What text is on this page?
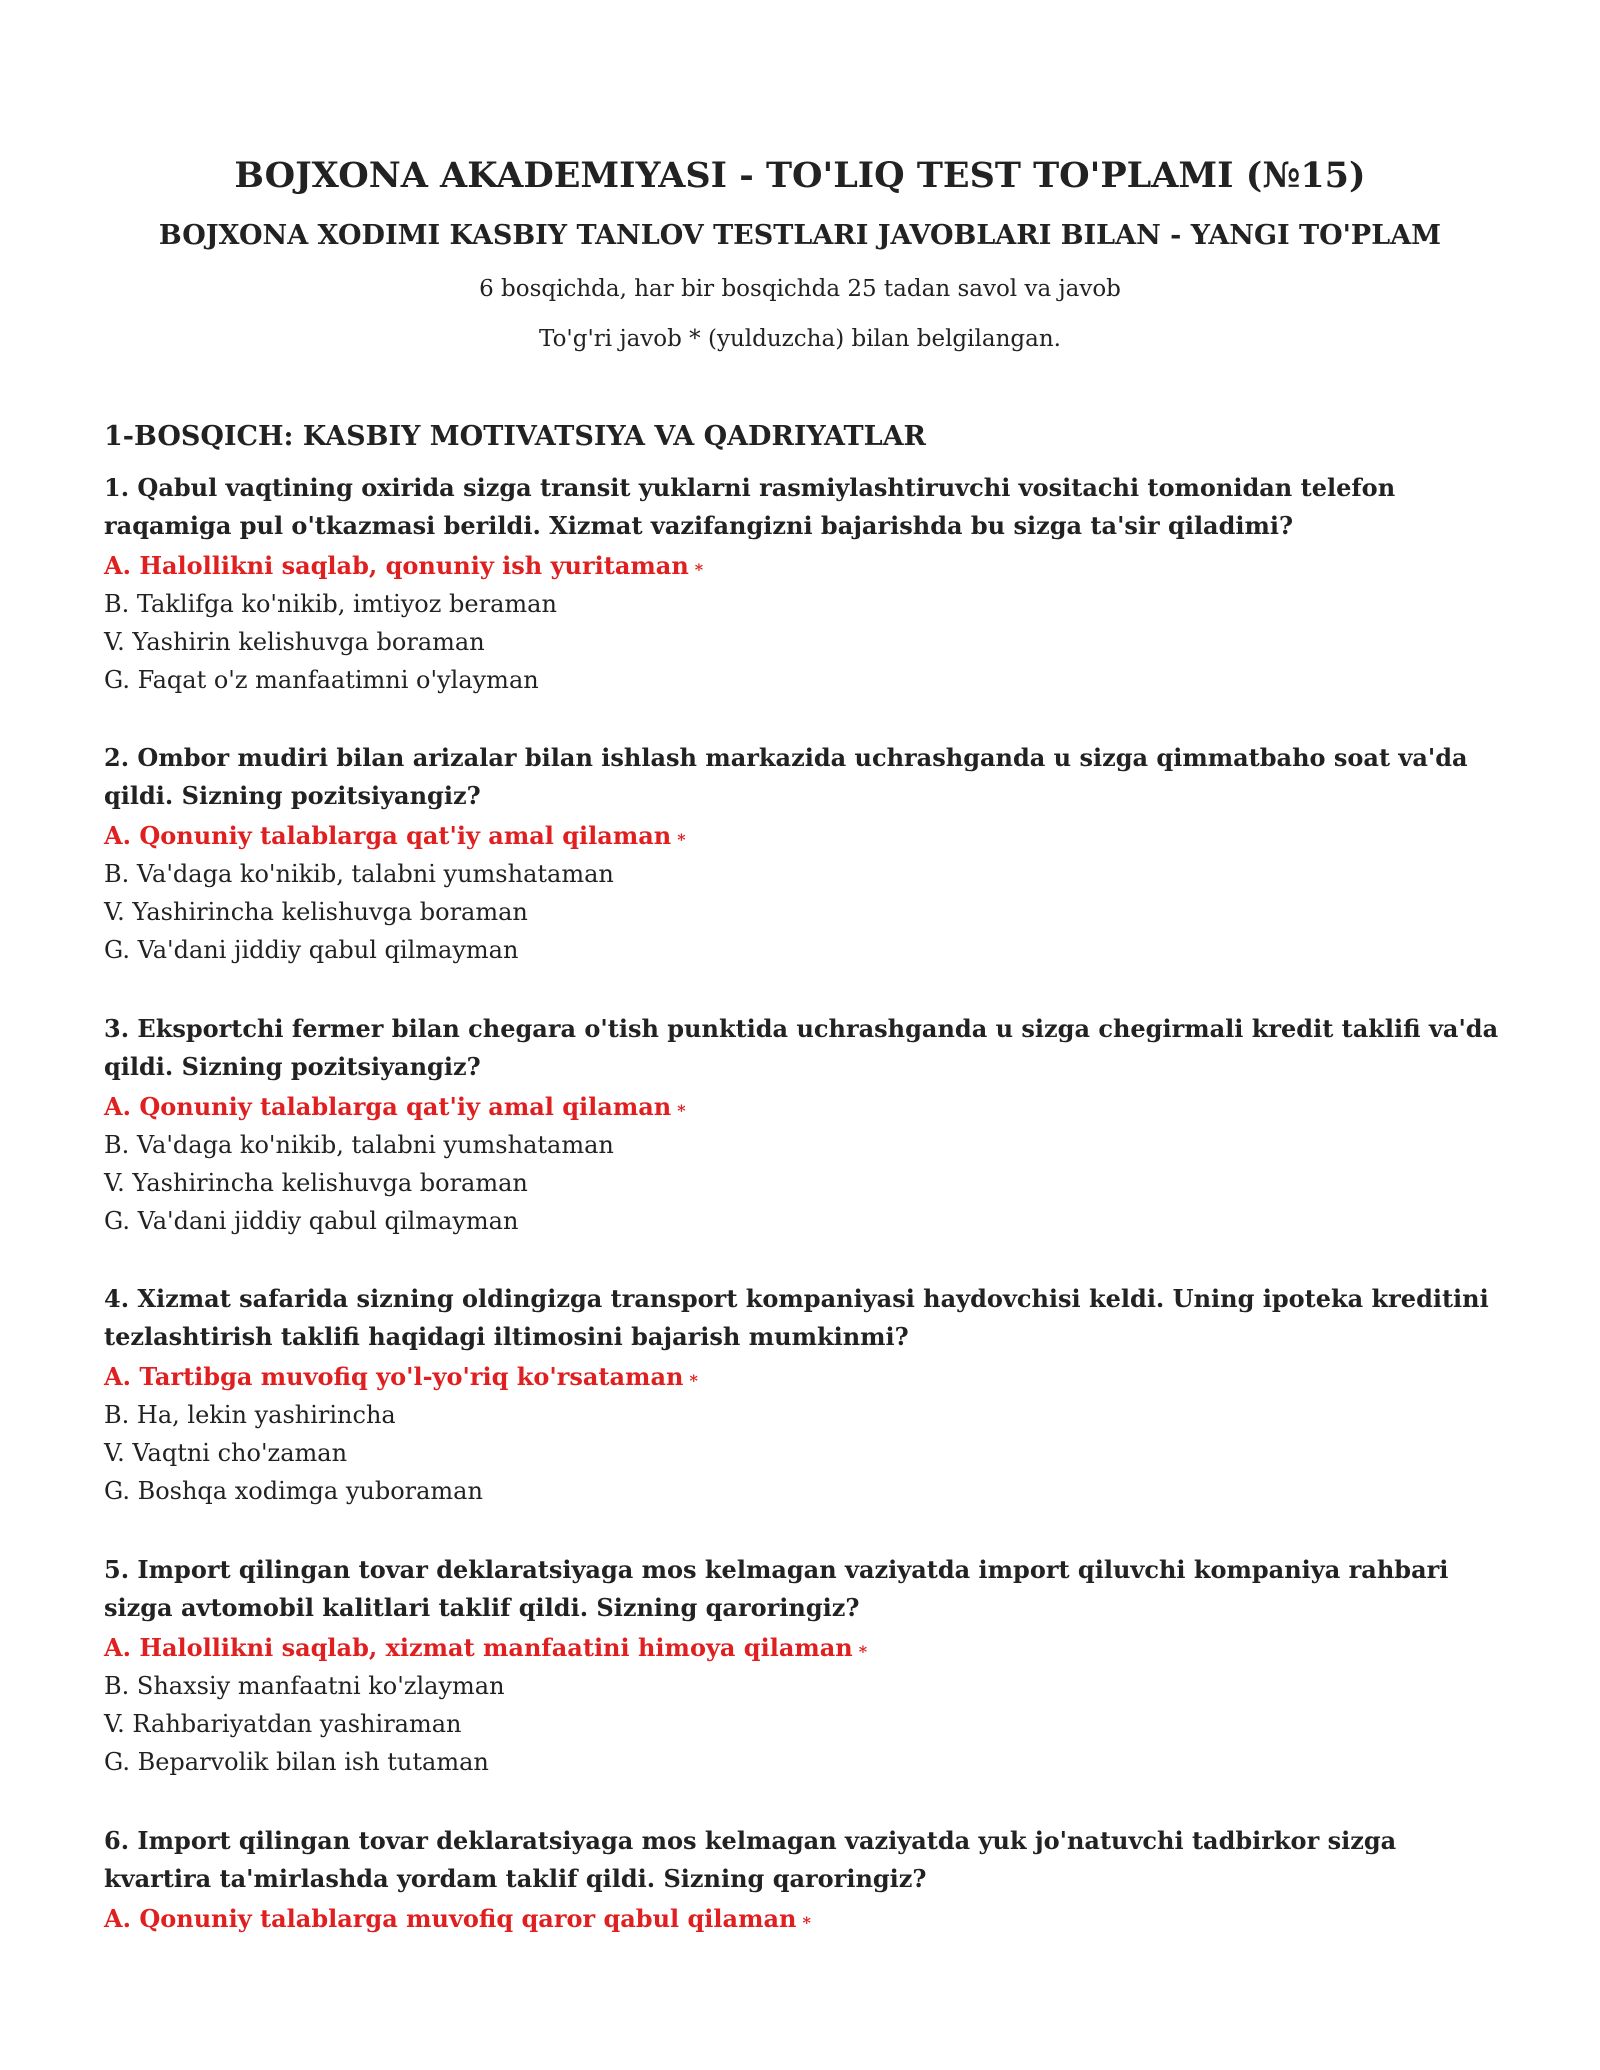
BOJXONA AKADEMIYASI - TO'LIQ TEST TO'PLAMI (№15)
BOJXONA XODIMI KASBIY TANLOV TESTLARI JAVOBLARI BILAN - YANGI TO'PLAM

6 bosqichda, har bir bosqichda 25 tadan savol va javob

To'g'ri javob * (yulduzcha) bilan belgilangan.

1-BOSQICH: KASBIY MOTIVATSIYA VA QADRIYATLAR

1. Qabul vaqtining oxirida sizga transit yuklarni rasmiylashtiruvchi vositachi tomonidan telefon raqamiga pul o'tkazmasi berildi. Xizmat vazifangizni bajarishda bu sizga ta'sir qiladimi?

A. Halollikni saqlab, qonuniy ish yuritaman *
B. Taklifga ko'nikib, imtiyoz beraman
V. Yashirin kelishuvga boraman
G. Faqat o'z manfaatimni o'ylayman

2. Ombor mudiri bilan arizalar bilan ishlash markazida uchrashganda u sizga qimmatbaho soat va'da qildi. Sizning pozitsiyangiz?

A. Qonuniy talablarga qat'iy amal qilaman *
B. Va'daga ko'nikib, talabni yumshataman
V. Yashirincha kelishuvga boraman
G. Va'dani jiddiy qabul qilmayman

3. Eksportchi fermer bilan chegara o'tish punktida uchrashganda u sizga chegirmali kredit taklifi va'da qildi. Sizning pozitsiyangiz?

A. Qonuniy talablarga qat'iy amal qilaman *
B. Va'daga ko'nikib, talabni yumshataman
V. Yashirincha kelishuvga boraman
G. Va'dani jiddiy qabul qilmayman

4. Xizmat safarida sizning oldingizga transport kompaniyasi haydovchisi keldi. Uning ipoteka kreditini tezlashtirish taklifi haqidagi iltimosini bajarish mumkinmi?

A. Tartibga muvofiq yo'l-yo'riq ko'rsataman *
B. Ha, lekin yashirincha
V. Vaqtni cho'zaman
G. Boshqa xodimga yuboraman

5. Import qilingan tovar deklaratsiyaga mos kelmagan vaziyatda import qiluvchi kompaniya rahbari sizga avtomobil kalitlari taklif qildi. Sizning qaroringiz?

A. Halollikni saqlab, xizmat manfaatini himoya qilaman *
B. Shaxsiy manfaatni ko'zlayman
V. Rahbariyatdan yashiraman
G. Beparvolik bilan ish tutaman

6. Import qilingan tovar deklaratsiyaga mos kelmagan vaziyatda yuk jo'natuvchi tadbirkor sizga kvartira ta'mirlashda yordam taklif qildi. Sizning qaroringiz?

A. Qonuniy talablarga muvofiq qaror qabul qilaman *
